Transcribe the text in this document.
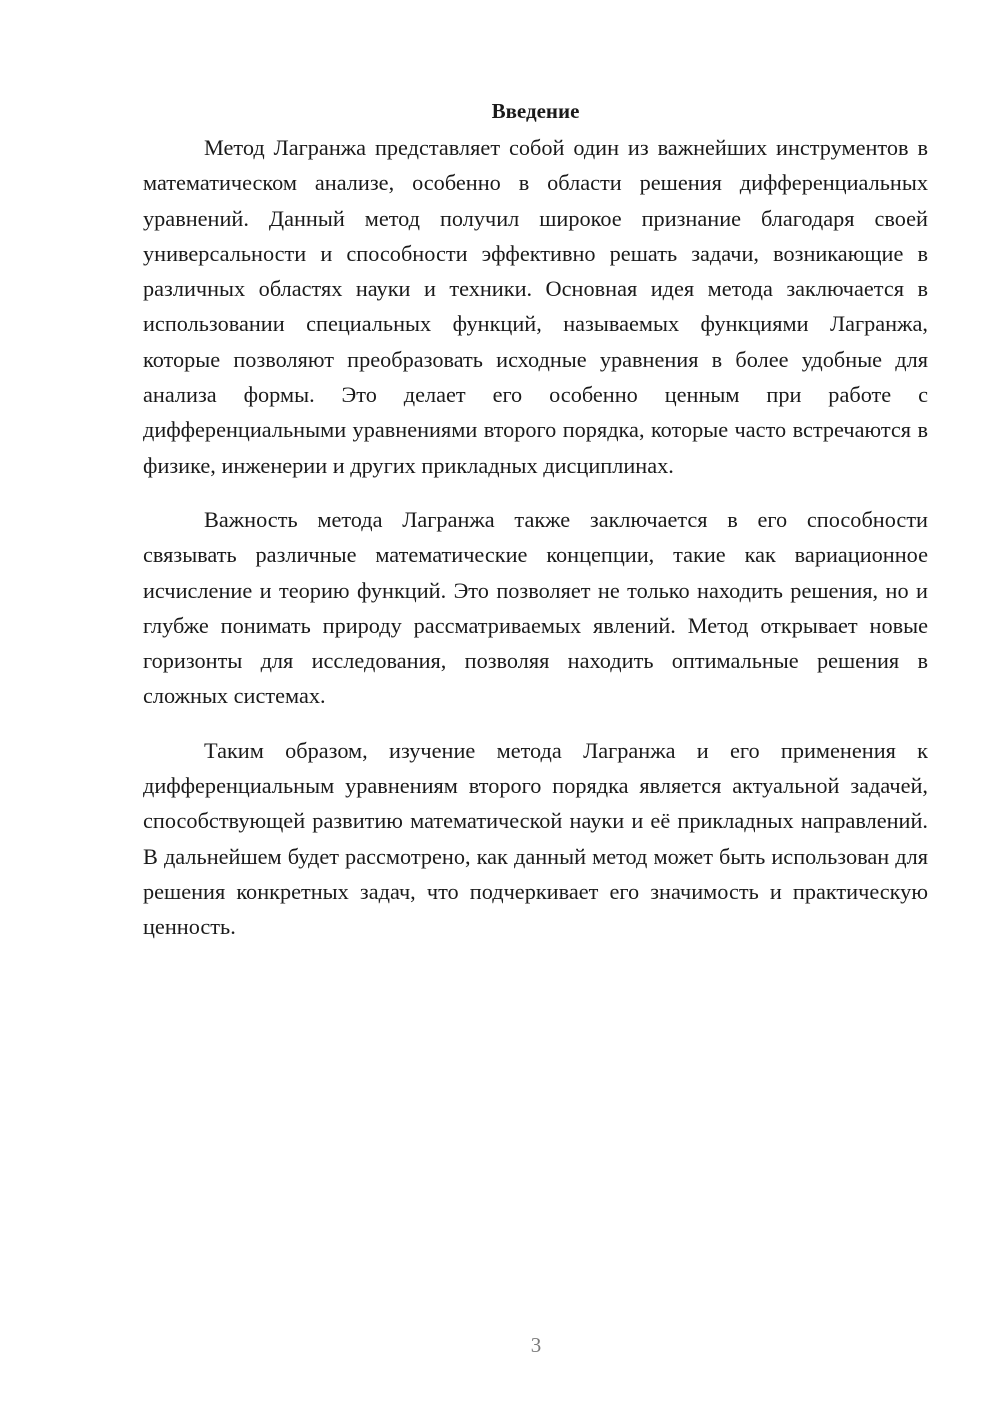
Введение

Метод Лагранжа представляет собой один из важнейших инструментов в математическом анализе, особенно в области решения дифференциальных уравнений. Данный метод получил широкое признание благодаря своей универсальности и способности эффективно решать задачи, возникающие в различных областях науки и техники. Основная идея метода заключается в использовании специальных функций, называемых функциями Лагранжа, которые позволяют преобразовать исходные уравнения в более удобные для анализа формы. Это делает его особенно ценным при работе с дифференциальными уравнениями второго порядка, которые часто встречаются в физике, инженерии и других прикладных дисциплинах.

Важность метода Лагранжа также заключается в его способности связывать различные математические концепции, такие как вариационное исчисление и теорию функций. Это позволяет не только находить решения, но и глубже понимать природу рассматриваемых явлений. Метод открывает новые горизонты для исследования, позволяя находить оптимальные решения в сложных системах.

Таким образом, изучение метода Лагранжа и его применения к дифференциальным уравнениям второго порядка является актуальной задачей, способствующей развитию математической науки и её прикладных направлений. В дальнейшем будет рассмотрено, как данный метод может быть использован для решения конкретных задач, что подчеркивает его значимость и практическую ценность.

3
